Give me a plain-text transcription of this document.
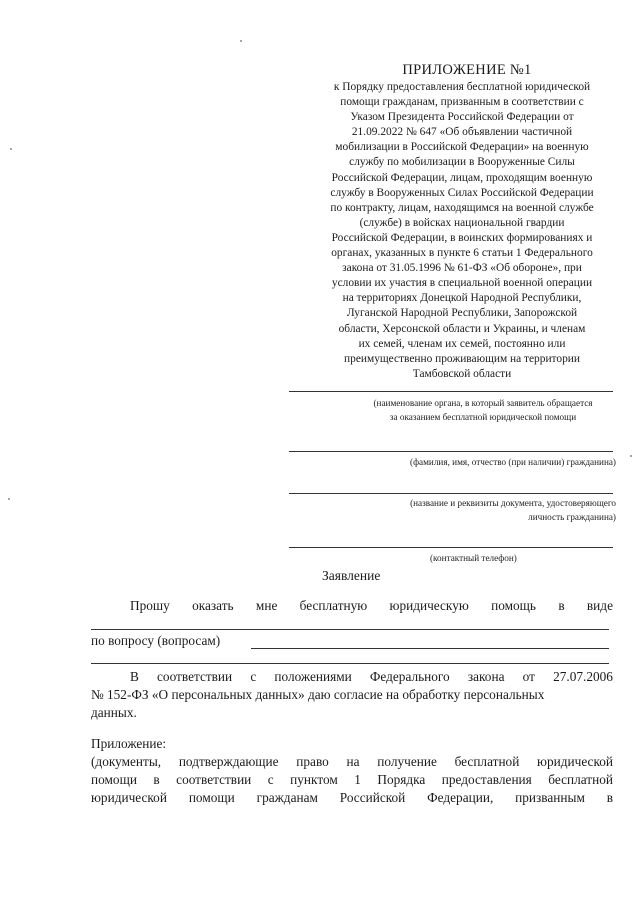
ПРИЛОЖЕНИЕ №1
к Порядку предоставления бесплатной юридической
помощи гражданам, призванным в соответствии с
Указом Президента Российской Федерации от
21.09.2022 № 647 «Об объявлении частичной
мобилизации в Российской Федерации» на военную
службу по мобилизации в Вооруженные Силы
Российской Федерации, лицам, проходящим военную
службу в Вооруженных Силах Российской Федерации
по контракту, лицам, находящимся на военной службе
(службе) в войсках национальной гвардии
Российской Федерации, в воинских формированиях и
органах, указанных в пункте 6 статьи 1 Федерального
закона от 31.05.1996 № 61-ФЗ «Об обороне», при
условии их участия в специальной военной операции
на территориях Донецкой Народной Республики,
Луганской Народной Республики, Запорожской
области, Херсонской области и Украины, и членам
их семей, членам их семей, постоянно или
преимущественно проживающим на территории
Тамбовской области
(наименование органа, в который заявитель обращается
за оказанием бесплатной юридической помощи
(фамилия, имя, отчество (при наличии) гражданина)
(название и реквизиты документа, удостоверяющего
личность гражданина)
(контактный телефон)
Заявление
Прошу оказать мне бесплатную юридическую помощь в виде
по вопросу (вопросам)
В соответствии с положениями Федерального закона от 27.07.2006
№ 152-ФЗ «О персональных данных» даю согласие на обработку персональных
данных.
Приложение:
(документы, подтверждающие право на получение бесплатной юридической
помощи в соответствии с пунктом 1 Порядка предоставления бесплатной
юридической помощи гражданам Российской Федерации, призванным в
